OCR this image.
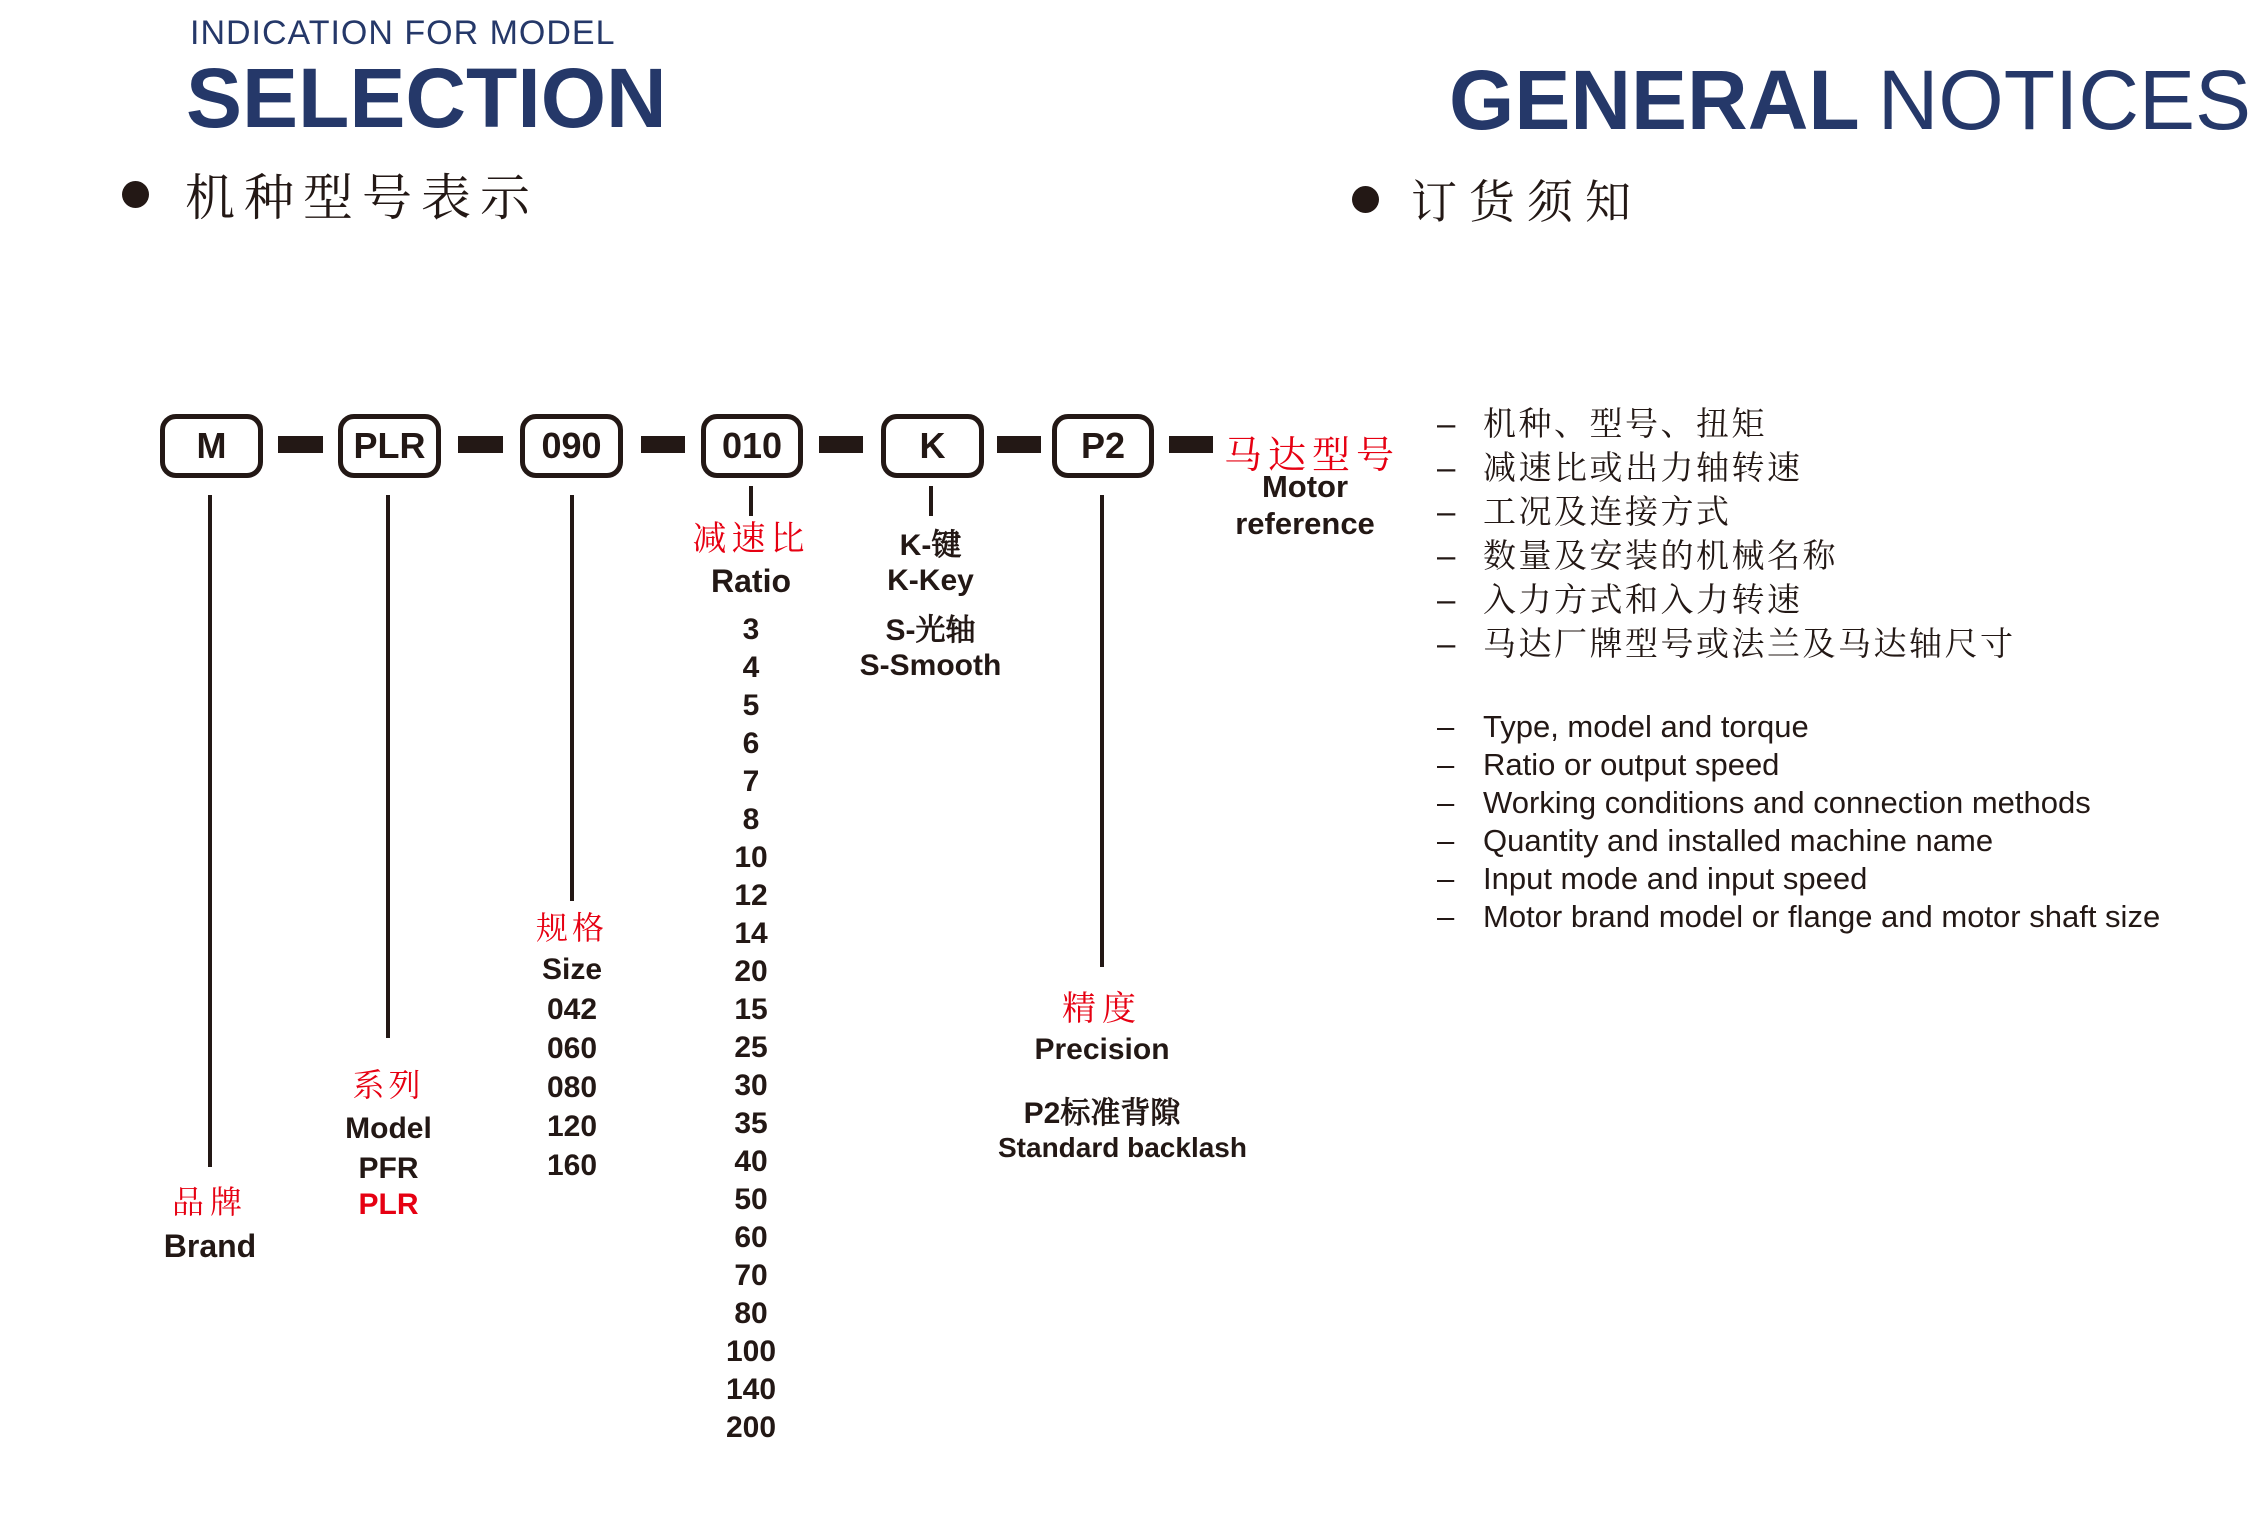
INDICATION FOR MODEL
SELECTION
机种型号表示
GENERAL NOTICES
订货须知
M	PLR	090	010	K	P2	马达型号
Motor
reference
减速比
Ratio
3
4
5
6
7
8
10
12
14
20
15
25
30
35
40
50
60
70
80
100
140
200
K-键
K-Key
S-光轴
S-Smooth
规格
Size
042
060
080
120
160
系列
Model
PFR
PLR
品牌
Brand
精度
Precision
P2标准背隙
Standard backlash
– 机种、型号、扭矩
– 减速比或出力轴转速
– 工况及连接方式
– 数量及安装的机械名称
– 入力方式和入力转速
– 马达厂牌型号或法兰及马达轴尺寸
– Type, model and torque
– Ratio or output speed
– Working conditions and connection methods
– Quantity and installed machine name
– Input mode and input speed
– Motor brand model or flange and motor shaft size
